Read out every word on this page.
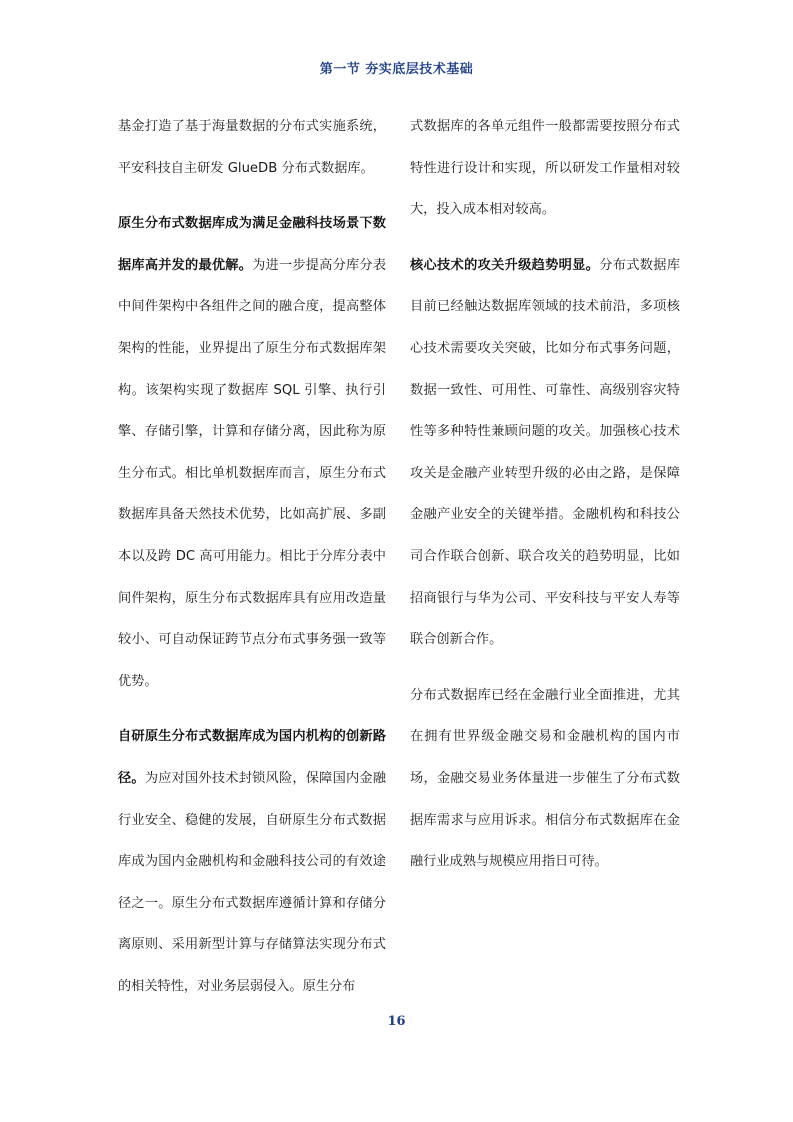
第一节 夯实底层技术基础

基金打造了基于海量数据的分布式实施系统，平安科技自主研发 GlueDB 分布式数据库。

原生分布式数据库成为满足金融科技场景下数据库高并发的最优解。为进一步提高分库分表中间件架构中各组件之间的融合度，提高整体架构的性能，业界提出了原生分布式数据库架构。该架构实现了数据库 SQL 引擎、执行引擎、存储引擎，计算和存储分离，因此称为原生分布式。相比单机数据库而言，原生分布式数据库具备天然技术优势，比如高扩展、多副本以及跨 DC 高可用能力。相比于分库分表中间件架构，原生分布式数据库具有应用改造量较小、可自动保证跨节点分布式事务强一致等优势。

自研原生分布式数据库成为国内机构的创新路径。为应对国外技术封锁风险，保障国内金融行业安全、稳健的发展，自研原生分布式数据库成为国内金融机构和金融科技公司的有效途径之一。原生分布式数据库遵循计算和存储分离原则、采用新型计算与存储算法实现分布式的相关特性，对业务层弱侵入。原生分布

式数据库的各单元组件一般都需要按照分布式特性进行设计和实现，所以研发工作量相对较大，投入成本相对较高。

核心技术的攻关升级趋势明显。分布式数据库目前已经触达数据库领域的技术前沿，多项核心技术需要攻关突破，比如分布式事务问题，数据一致性、可用性、可靠性、高级别容灾特性等多种特性兼顾问题的攻关。加强核心技术攻关是金融产业转型升级的必由之路，是保障金融产业安全的关键举措。金融机构和科技公司合作联合创新、联合攻关的趋势明显，比如招商银行与华为公司、平安科技与平安人寿等联合创新合作。

分布式数据库已经在金融行业全面推进，尤其在拥有世界级金融交易和金融机构的国内市场，金融交易业务体量进一步催生了分布式数据库需求与应用诉求。相信分布式数据库在金融行业成熟与规模应用指日可待。

16
